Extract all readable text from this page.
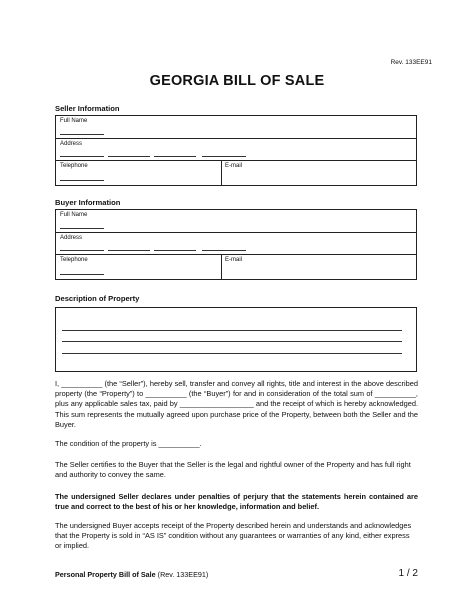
Rev. 133EE91
GEORGIA BILL OF SALE
Seller Information
Full Name
Address
Telephone	E-mail
Buyer Information
Full Name
Address
Telephone	E-mail
Description of Property
I, __________ (the “Seller”), hereby sell, transfer and convey all rights, title and interest in the above described property (the “Property”) to __________ (the “Buyer”) for and in consideration of the total sum of __________, plus any applicable sales tax, paid by __________________ and the receipt of which is hereby acknowledged. This sum represents the mutually agreed upon purchase price of the Property, between both the Seller and the Buyer.
The condition of the property is __________.
The Seller certifies to the Buyer that the Seller is the legal and rightful owner of the Property and has full right and authority to convey the same.
The undersigned Seller declares under penalties of perjury that the statements herein contained are true and correct to the best of his or her knowledge, information and belief.
The undersigned Buyer accepts receipt of the Property described herein and understands and acknowledges that the Property is sold in “AS IS” condition without any guarantees or warranties of any kind, either express or implied.
Personal Property Bill of Sale (Rev. 133EE91)	1 / 2
